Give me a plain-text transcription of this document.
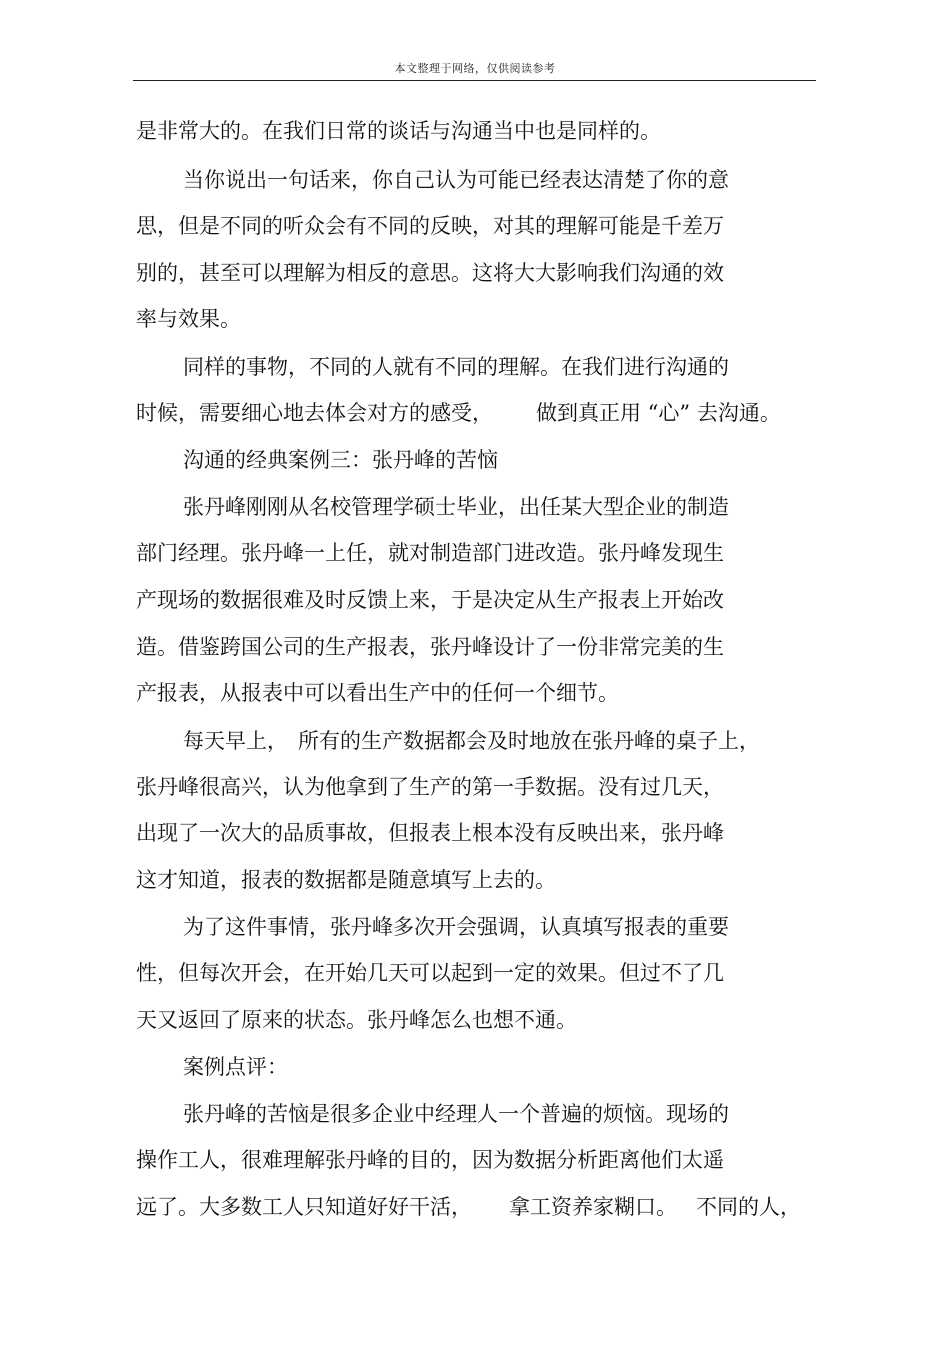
本文整理于网络，仅供阅读参考
是非常大的。在我们日常的谈话与沟通当中也是同样的。
当你说出一句话来，你自己认为可能已经表达清楚了你的意
思，但是不同的听众会有不同的反映，对其的理解可能是千差万
别的，甚至可以理解为相反的意思。这将大大影响我们沟通的效
率与效果。
同样的事物，不同的人就有不同的理解。在我们进行沟通的

时候，需要细心地去体会对方的感受，

做到真正用 “心” 去沟通。

沟通的经典案例三：张丹峰的苦恼
张丹峰刚刚从名校管理学硕士毕业，出任某大型企业的制造
部门经理。张丹峰一上任，就对制造部门进改造。张丹峰发现生
产现场的数据很难及时反馈上来，于是决定从生产报表上开始改
造。借鉴跨国公司的生产报表，张丹峰设计了一份非常完美的生
产报表，从报表中可以看出生产中的任何一个细节。

每天早上，

所有的生产数据都会及时地放在张丹峰的桌子上，

张丹峰很高兴，认为他拿到了生产的第一手数据。没有过几天，
出现了一次大的品质事故，但报表上根本没有反映出来，张丹峰
这才知道，报表的数据都是随意填写上去的。
为了这件事情，张丹峰多次开会强调，认真填写报表的重要
性，但每次开会，在开始几天可以起到一定的效果。但过不了几
天又返回了原来的状态。张丹峰怎么也想不通。
案例点评：
张丹峰的苦恼是很多企业中经理人一个普遍的烦恼。现场的
操作工人，很难理解张丹峰的目的，因为数据分析距离他们太遥

远了。大多数工人只知道好好干活，

拿工资养家糊口。

不同的人，
